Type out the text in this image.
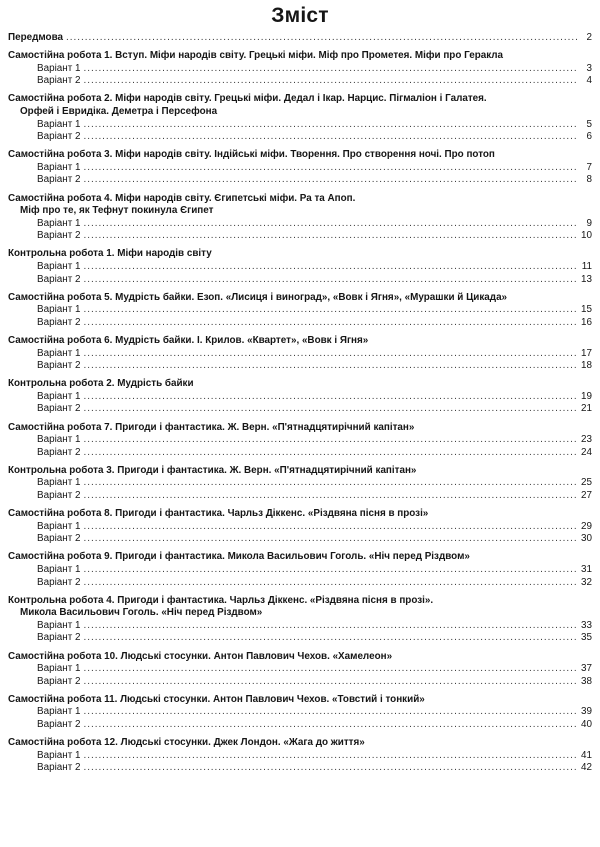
Зміст
Передмова .....	2
Самостійна робота 1. Вступ. Міфи народів світу. Грецькі міфи. Міф про Прометея. Міфи про Геракла
Варіант 1 .....	3
Варіант 2 .....	4
Самостійна робота 2. Міфи народів світу. Грецькі міфи. Дедал і Ікар. Нарцис. Пігмаліон і Галатея.
Орфей і Евридіка. Деметра і Персефона
Варіант 1 .....	5
Варіант 2 .....	6
Самостійна робота 3. Міфи народів світу. Індійські міфи. Творення. Про створення ночі. Про потоп
Варіант 1 .....	7
Варіант 2 .....	8
Самостійна робота 4. Міфи народів світу. Єгипетські міфи. Ра та Апоп.
Міф про те, як Тефнут покинула Єгипет
Варіант 1 .....	9
Варіант 2 .....	10
Контрольна робота 1. Міфи народів світу
Варіант 1 .....	11
Варіант 2 .....	13
Самостійна робота 5. Мудрість байки. Езоп. «Лисиця і виноград», «Вовк і Ягня», «Мурашки й Цикада»
Варіант 1 .....	15
Варіант 2 .....	16
Самостійна робота 6. Мудрість байки. І. Крилов. «Квартет», «Вовк і Ягня»
Варіант 1 .....	17
Варіант 2 .....	18
Контрольна робота 2. Мудрість байки
Варіант 1 .....	19
Варіант 2 .....	21
Самостійна робота 7. Пригоди і фантастика. Ж. Верн. «П'ятнадцятирічний капітан»
Варіант 1 .....	23
Варіант 2 .....	24
Контрольна робота 3. Пригоди і фантастика. Ж. Верн. «П'ятнадцятирічний капітан»
Варіант 1 .....	25
Варіант 2 .....	27
Самостійна робота 8. Пригоди і фантастика. Чарльз Діккенс. «Різдвяна пісня в прозі»
Варіант 1 .....	29
Варіант 2 .....	30
Самостійна робота 9. Пригоди і фантастика. Микола Васильович Гоголь. «Ніч перед Різдвом»
Варіант 1 .....	31
Варіант 2 .....	32
Контрольна робота 4. Пригоди і фантастика. Чарльз Діккенс. «Різдвяна пісня в прозі».
Микола Васильович Гоголь. «Ніч перед Різдвом»
Варіант 1 .....	33
Варіант 2 .....	35
Самостійна робота 10. Людські стосунки. Антон Павлович Чехов. «Хамелеон»
Варіант 1 .....	37
Варіант 2 .....	38
Самостійна робота 11. Людські стосунки. Антон Павлович Чехов. «Товстий і тонкий»
Варіант 1 .....	39
Варіант 2 .....	40
Самостійна робота 12. Людські стосунки. Джек Лондон. «Жага до життя»
Варіант 1 .....	41
Варіант 2 .....	42
